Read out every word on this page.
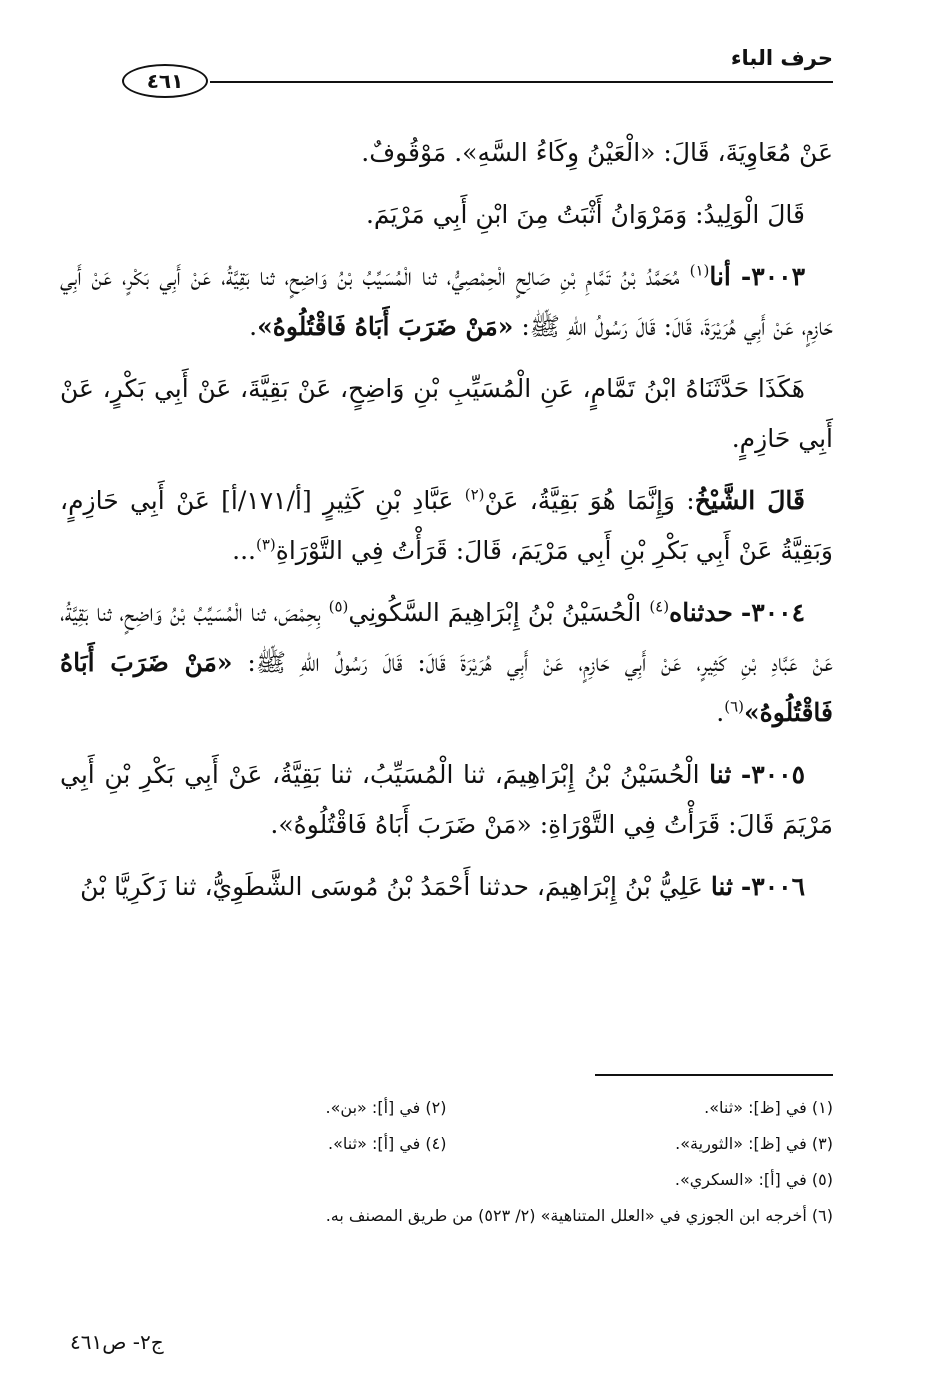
حرف الباء
٤٦١

عَنْ مُعَاوِيَةَ، قَالَ: «الْعَيْنُ وِكَاءُ السَّهِ». مَوْقُوفٌ.

قَالَ الْوَلِيدُ: وَمَرْوَانُ أَثْبَتُ مِنَ ابْنِ أَبِي مَرْيَمَ.

٣٠٠٣- أنا$^{(١)}$ مُحَمَّدُ بْنُ تَمَّامِ بْنِ صَالِحٍ الْحِمْصِيُّ، ثنا الْمُسَيِّبُ بْنُ وَاضِحٍ، ثنا بَقِيَّةُ، عَنْ أَبِي بَكْرٍ، عَنْ أَبِي حَازِمٍ، عَنْ أَبِي هُرَيْرَةَ، قَالَ: قَالَ رَسُولُ اللهِ ﷺ: «مَنْ ضَرَبَ أَبَاهُ فَاقْتُلُوهُ».

هَكَذَا حَدَّثَنَاهُ ابْنُ تَمَّامٍ، عَنِ الْمُسَيِّبِ بْنِ وَاضِحٍ، عَنْ بَقِيَّةَ، عَنْ أَبِي بَكْرٍ، عَنْ أَبِي حَازِمٍ.

قَالَ الشَّيْخُ: وَإِنَّمَا هُوَ بَقِيَّةُ، عَنْ$^{(٢)}$ عَبَّادِ بْنِ كَثِيرٍ [أ/١٧١/أ] عَنْ أَبِي حَازِمٍ، وَبَقِيَّةُ عَنْ أَبِي بَكْرِ بْنِ أَبِي مَرْيَمَ، قَالَ: قَرَأْتُ فِي التَّوْرَاةِ$^{(٣)}$...

٣٠٠٤- حدثناه$^{(٤)}$ الْحُسَيْنُ بْنُ إِبْرَاهِيمَ السَّكُونِي$^{(٥)}$ بِحِمْصَ، ثنا الْمُسَيِّبُ بْنُ وَاضِحٍ، ثنا بَقِيَّةُ، عَنْ عَبَّادِ بْنِ كَثِيرٍ، عَنْ أَبِي حَازِمٍ، عَنْ أَبِي هُرَيْرَةَ قَالَ: قَالَ رَسُولُ اللهِ ﷺ: «مَنْ ضَرَبَ أَبَاهُ فَاقْتُلُوهُ»$^{(٦)}$.

٣٠٠٥- ثنا الْحُسَيْنُ بْنُ إِبْرَاهِيمَ، ثنا الْمُسَيِّبُ، ثنا بَقِيَّةُ، عَنْ أَبِي بَكْرِ بْنِ أَبِي مَرْيَمَ قَالَ: قَرَأْتُ فِي التَّوْرَاةِ: «مَنْ ضَرَبَ أَبَاهُ فَاقْتُلُوهُ».

٣٠٠٦- ثنا عَلِيُّ بْنُ إِبْرَاهِيمَ، حدثنا أَحْمَدُ بْنُ مُوسَى الشَّطَوِيُّ، ثنا زَكَرِيَّا بْنُ

(١) في [ظ]: «ثنا».
(٢) في [أ]: «بن».
(٣) في [ظ]: «الثورية».
(٤) في [أ]: «ثنا».
(٥) في [أ]: «السكري».
(٦) أخرجه ابن الجوزي في «العلل المتناهية» (٢/ ٥٢٣) من طريق المصنف به.
ج٢- ص٤٦١
